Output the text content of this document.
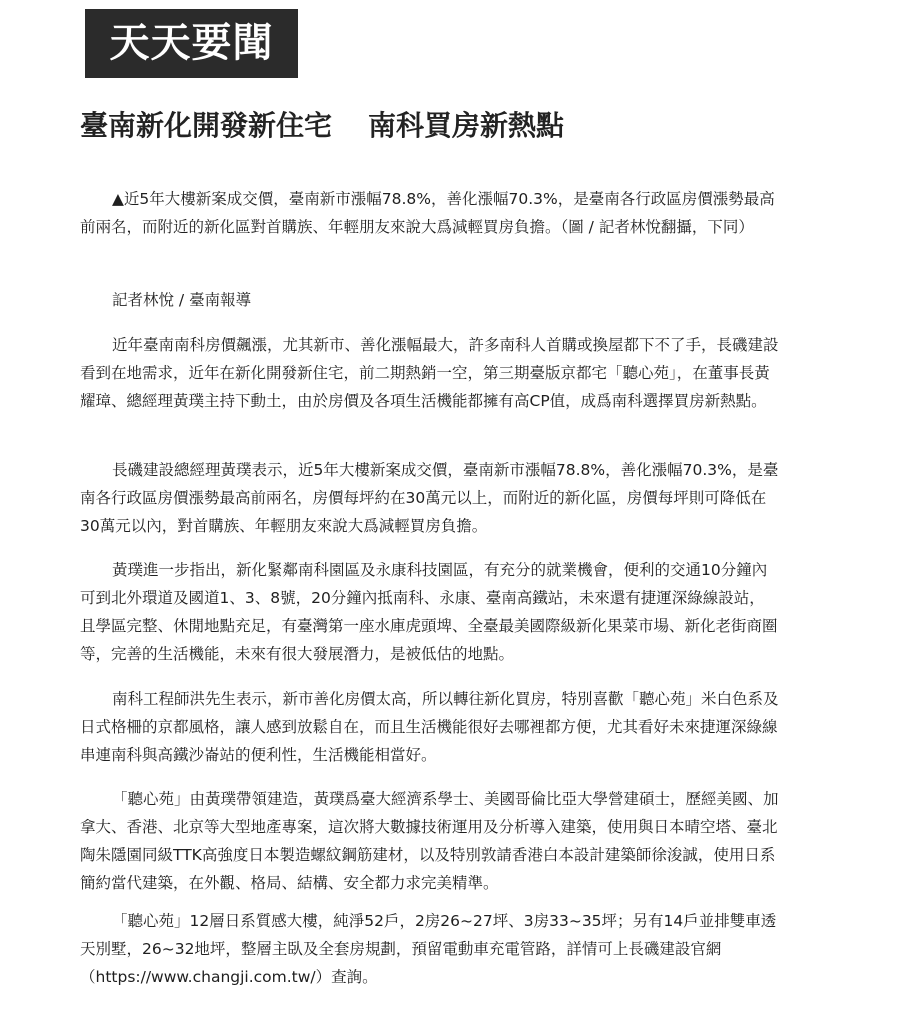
天天要聞
臺南新化開發新住宅 南科買房新熱點

▲近5年大樓新案成交價，臺南新市漲幅78.8%，善化漲幅70.3%，是臺南各行政區房價漲勢最高前兩名，而附近的新化區對首購族、年輕朋友來說大爲減輕買房負擔。（圖 / 記者林悅翻攝，下同）

記者林悅 / 臺南報導

近年臺南南科房價飆漲，尤其新市、善化漲幅最大，許多南科人首購或換屋都下不了手，長磯建設看到在地需求，近年在新化開發新住宅，前二期熱銷一空，第三期臺版京都宅「聽心苑」，在董事長黃耀璋、總經理黃璞主持下動土，由於房價及各項生活機能都擁有高CP值，成爲南科選擇買房新熱點。

長磯建設總經理黃璞表示，近5年大樓新案成交價，臺南新市漲幅78.8%，善化漲幅70.3%，是臺南各行政區房價漲勢最高前兩名，房價每坪約在30萬元以上，而附近的新化區，房價每坪則可降低在30萬元以內，對首購族、年輕朋友來說大爲減輕買房負擔。

黃璞進一步指出，新化緊鄰南科園區及永康科技園區，有充分的就業機會，便利的交通10分鐘內可到北外環道及國道1、3、8號，20分鐘內抵南科、永康、臺南高鐵站，未來還有捷運深綠線設站，且學區完整、休閒地點充足，有臺灣第一座水庫虎頭埤、全臺最美國際級新化果菜市場、新化老街商圈等，完善的生活機能，未來有很大發展潛力，是被低估的地點。

南科工程師洪先生表示，新市善化房價太高，所以轉往新化買房，特別喜歡「聽心苑」米白色系及日式格柵的京都風格，讓人感到放鬆自在，而且生活機能很好去哪裡都方便，尤其看好未來捷運深綠線串連南科與高鐵沙崙站的便利性，生活機能相當好。

「聽心苑」由黃璞帶領建造，黃璞爲臺大經濟系學士、美國哥倫比亞大學營建碩士，歷經美國、加拿大、香港、北京等大型地產專案，這次將大數據技術運用及分析導入建築，使用與日本晴空塔、臺北陶朱隱園同級TTK高強度日本製造螺紋鋼筋建材，以及特別敦請香港白本設計建築師徐浚誠，使用日系簡約當代建築，在外觀、格局、結構、安全都力求完美精準。

「聽心苑」12層日系質感大樓，純淨52戶，2房26~27坪、3房33~35坪；另有14戶並排雙車透天別墅，26~32地坪，整層主臥及全套房規劃，預留電動車充電管路，詳情可上長磯建設官網（https://www.changji.com.tw/）查詢。
